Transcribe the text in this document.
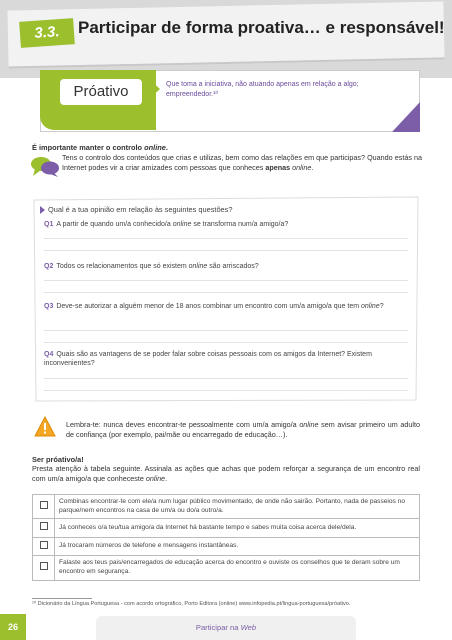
3.3.	Participar de forma proativa… e responsável!
Próativo	Que toma a iniciativa, não atuando apenas em relação a algo; empreendedor.¹⁰
É importante manter o controlo online.
Tens o controlo dos conteúdos que crias e utilizas, bem como das relações em que participas? Quando estás na Internet podes vir a criar amizades com pessoas que conheces apenas online.
Qual é a tua opinião em relação às seguintes questões?
Q1 A partir de quando um/a conhecido/a online se transforma num/a amigo/a?
Q2 Todos os relacionamentos que só existem online são arriscados?
Q3 Deve-se autorizar a alguém menor de 18 anos combinar um encontro com um/a amigo/a que tem online?
Q4 Quais são as vantagens de se poder falar sobre coisas pessoais com os amigos da Internet? Existem inconvenientes?
Lembra-te: nunca deves encontrar-te pessoalmente com um/a amigo/a online sem avisar primeiro um adulto de confiança (por exemplo, pai/mãe ou encarregado de educação…).
Ser próativo/a!
Presta atenção à tabela seguinte. Assinala as ações que achas que podem reforçar a segurança de um encontro real com um/a amigo/a que conheceste online.
	Combinas encontrar-te com ele/a num lugar público movimentado, de onde não sairão. Portanto, nada de passeios no parque/nem encontros na casa de um/a ou do/a outro/a.
	Já conheces o/a teu/tua amigo/a da Internet há bastante tempo e sabes muita coisa acerca dele/dela.
	Já trocaram números de telefone e mensagens instantâneas.
	Falaste aos teus pais/encarregados de educação acerca do encontro e ouviste os conselhos que te deram sobre um encontro em segurança.
¹⁰ Dicionário da Língua Portuguesa - com acordo ortográfico, Porto Editora (online) www.infopedia.pt/lingua-portuguesa/próativo.
26	Participar na Web
